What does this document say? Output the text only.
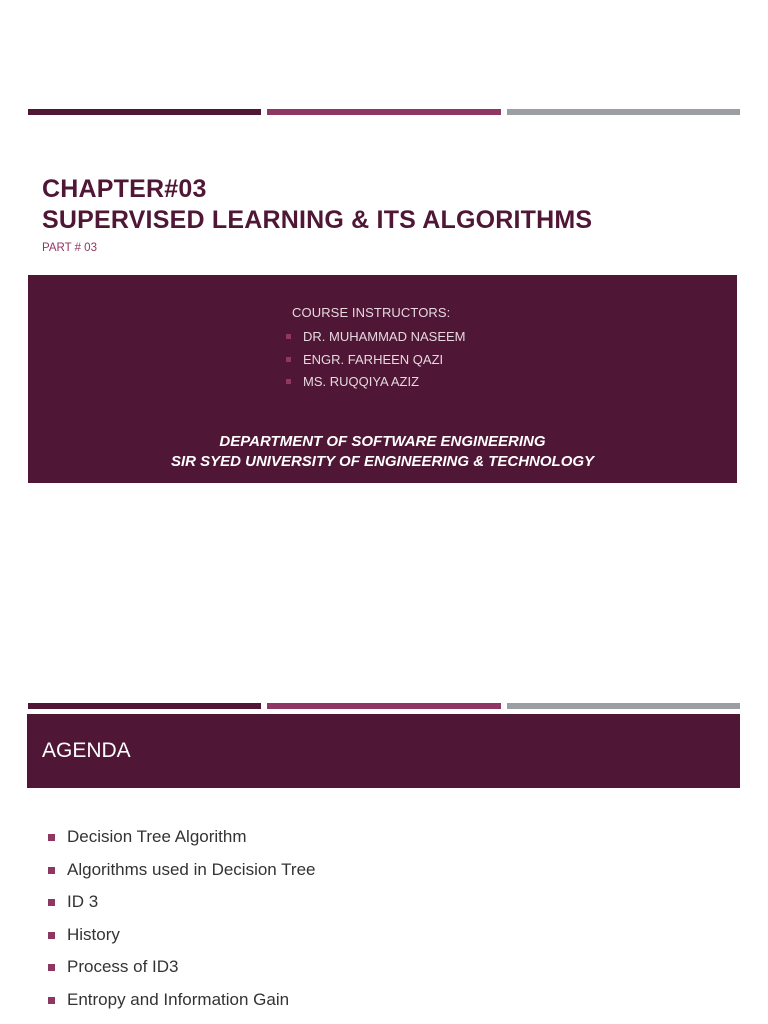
CHAPTER#03
SUPERVISED LEARNING & ITS ALGORITHMS
PART # 03
COURSE INSTRUCTORS:
DR. MUHAMMAD NASEEM
ENGR. FARHEEN QAZI
MS. RUQQIYA AZIZ
DEPARTMENT OF SOFTWARE ENGINEERING
SIR SYED UNIVERSITY OF ENGINEERING & TECHNOLOGY
AGENDA
Decision Tree Algorithm
Algorithms used in Decision Tree
ID 3
History
Process of ID3
Entropy and Information Gain
